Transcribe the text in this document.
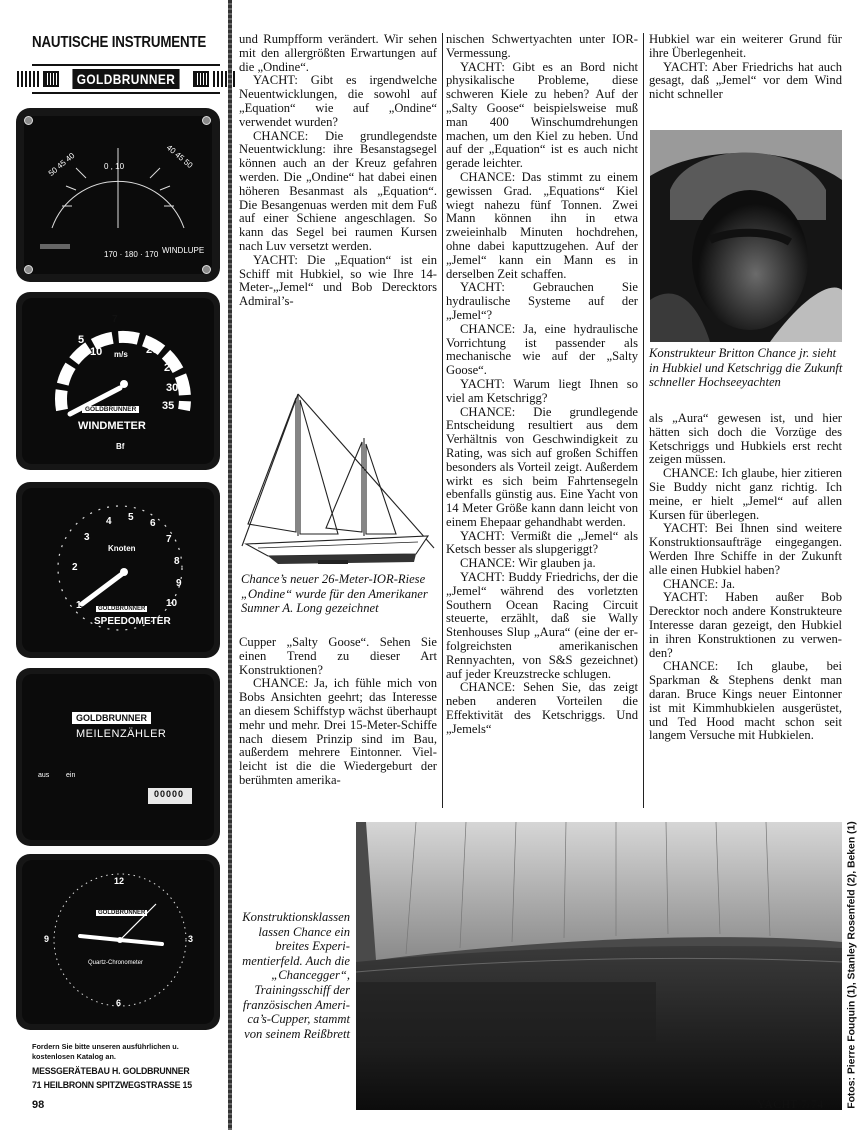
NAUTISCHE INSTRUMENTE
GOLDBRUNNER
50 45 40	40 45 50
0 , 10
170 · 180 · 170 WINDLUPE
7
5
10
15
20
25
30
35
m/s
GOLDBRUNNER
WINDMETER
Bf
1
2
3
4 5
6
7
8
9
10
Knoten
GOLDBRUNNER
SPEEDOMETER
GOLDBRUNNER
MEILENZÄHLER
aus ein
00000
12
3
6
9
GOLDBRUNNER
Quartz-Chronometer
Fordern Sie bitte unseren ausführlichen u.
kostenlosen Katalog an.
MESSGERÄTEBAU H. GOLDBRUNNER
71 HEILBRONN SPITZWEGSTRASSE 15

und Rumpfform verändert. Wir sehen mit den allergrößten Erwartungen auf die „Ondine“.

YACHT: Gibt es irgendwelche Neuentwicklungen, die sowohl auf „Equation“ wie auf „Ondine“ verwendet wurden?

CHANCE: Die grundlegendste Neuentwicklung: ihre Besanstagsegel können auch an der Kreuz gefahren werden. Die „Ondine“ hat dabei einen höheren Besanmast als „Equation“. Die Besangenuas werden mit dem Fuß auf einer Schiene angeschlagen. So kann das Segel bei raumen Kursen nach Luv versetzt werden.

YACHT: Die „Equation“ ist ein Schiff mit Hubkiel, so wie Ihre 14-Meter-„Jemel“ und Bob Derecktors Admiral’s-

Chance’s neuer 26-Meter-IOR-Riese „Ondine“ wurde für den Amerikaner Sumner A. Long gezeichnet

Cupper „Salty Goose“. Sehen Sie einen Trend zu dieser Art Konstruktionen?

CHANCE: Ja, ich fühle mich von Bobs Ansichten geehrt; das Interesse an diesem Schiffstyp wächst überhaupt mehr und mehr. Drei 15-Meter-Schiffe nach diesem Prinzip sind im Bau, außerdem mehrere Eintonner. Vielleicht ist die die Wiedergeburt der berühmten amerika-

nischen Schwertyachten unter IOR-Vermessung.

YACHT: Gibt es an Bord nicht physikalische Probleme, diese schweren Kiele zu heben? Auf der „Salty Goose“ beispielsweise muß man 400 Winschumdrehungen machen, um den Kiel zu heben. Und auf der „Equation“ ist es auch nicht gerade leichter.

CHANCE: Das stimmt zu einem gewissen Grad. „Equations“ Kiel wiegt nahezu fünf Tonnen. Zwei Mann können ihn in etwa zweieinhalb Minuten hochdrehen, ohne dabei kaputtzugehen. Auf der „Jemel“ kann ein Mann es in derselben Zeit schaffen.

YACHT: Gebrauchen Sie hydraulische Systeme auf der „Jemel“?

CHANCE: Ja, eine hydraulische Vorrichtung ist passender als mechanische wie auf der „Salty Goose“.

YACHT: Warum liegt Ihnen so viel am Ketschrigg?

CHANCE: Die grundlegende Entscheidung resultiert aus dem Verhältnis von Geschwindigkeit zu Rating, was sich auf großen Schiffen besonders als Vorteil zeigt. Außerdem wirkt es sich beim Fahrtensegeln ebenfalls günstig aus. Eine Yacht von 14 Meter Größe kann dann leicht von einem Ehepaar gehandhabt werden.

YACHT: Vermißt die „Jemel“ als Ketsch besser als slupgeriggt?

CHANCE: Wir glauben ja.

YACHT: Buddy Friedrichs, der die „Jemel“ während des vorletzten Southern Ocean Racing Circuit steuerte, erzählt, daß sie Wally Stenhouses Slup „Aura“ (eine der erfolgreichsten amerikanischen Rennyachten, von S&S gezeichnet) auf jeder Kreuzstrecke schlugen.

CHANCE: Sehen Sie, das zeigt neben anderen Vorteilen die Effektivität des Ketschriggs. Und „Jemels“

Hubkiel war ein weiterer Grund für ihre Überlegenheit.

YACHT: Aber Friedrichs hat auch gesagt, daß „Jemel“ vor dem Wind nicht schneller

Konstrukteur Britton Chance jr. sieht in Hubkiel und Ketschrigg die Zukunft schneller Hochseeyachten

als „Aura“ gewesen ist, und hier hätten sich doch die Vorzüge des Ketschriggs und Hubkiels erst recht zeigen müssen.

CHANCE: Ich glaube, hier zitieren Sie Buddy nicht ganz richtig. Ich meine, er hielt „Jemel“ auf allen Kursen für überlegen.

YACHT: Bei Ihnen sind weitere Konstruktionsaufträge eingegangen. Werden Ihre Schiffe in der Zukunft alle einen Hubkiel haben?

CHANCE: Ja.

YACHT: Haben außer Bob Derecktor noch andere Konstrukteure Interesse daran gezeigt, den Hubkiel in ihren Konstruktionen zu verwenden?

CHANCE: Ich glaube, bei Sparkman & Stephens denkt man daran. Bruce Kings neuer Eintonner ist mit Kimmhubkielen ausgerüstet, und Ted Hood macht schon seit langem Versuche mit Hubkielen.

Fotos: Pierre Fouquin (1), Stanley Rosenfeld (2), Beken (1)
Konstruktionsklassen lassen Chance ein breites Experimentierfeld. Auch die „Chancegger“, Trainingsschiff der französischen America’s-Cupper, stammt von seinem Reißbrett
98	YACHT 7/74
